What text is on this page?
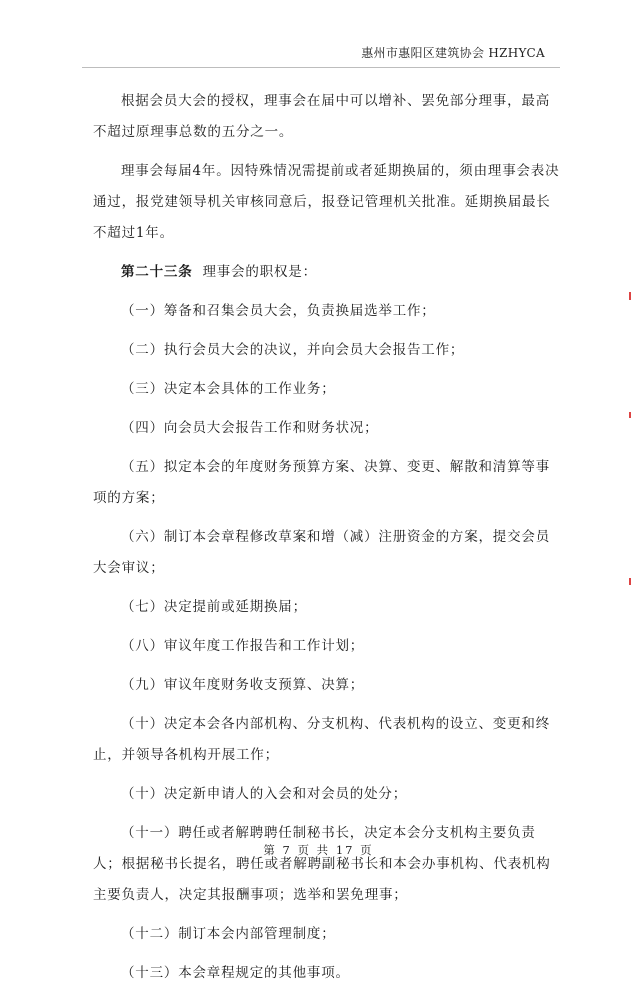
惠州市惠阳区建筑协会 HZHYCA

根据会员大会的授权，理事会在届中可以增补、罢免部分理事，最高不超过原理事总数的五分之一。

理事会每届4年。因特殊情况需提前或者延期换届的，须由理事会表决通过，报党建领导机关审核同意后，报登记管理机关批准。延期换届最长不超过1年。

第二十三条 理事会的职权是：

（一）筹备和召集会员大会，负责换届选举工作；

（二）执行会员大会的决议，并向会员大会报告工作；

（三）决定本会具体的工作业务；

（四）向会员大会报告工作和财务状况；

（五）拟定本会的年度财务预算方案、决算、变更、解散和清算等事项的方案；

（六）制订本会章程修改草案和增（减）注册资金的方案，提交会员大会审议；

（七）决定提前或延期换届；

（八）审议年度工作报告和工作计划；

（九）审议年度财务收支预算、决算；

（十）决定本会各内部机构、分支机构、代表机构的设立、变更和终止，并领导各机构开展工作；

（十）决定新申请人的入会和对会员的处分；

（十一）聘任或者解聘聘任制秘书长，决定本会分支机构主要负责人；根据秘书长提名，聘任或者解聘副秘书长和本会办事机构、代表机构主要负责人，决定其报酬事项；选举和罢免理事；

（十二）制订本会内部管理制度；

（十三）本会章程规定的其他事项。

第 7 页 共 17 页
